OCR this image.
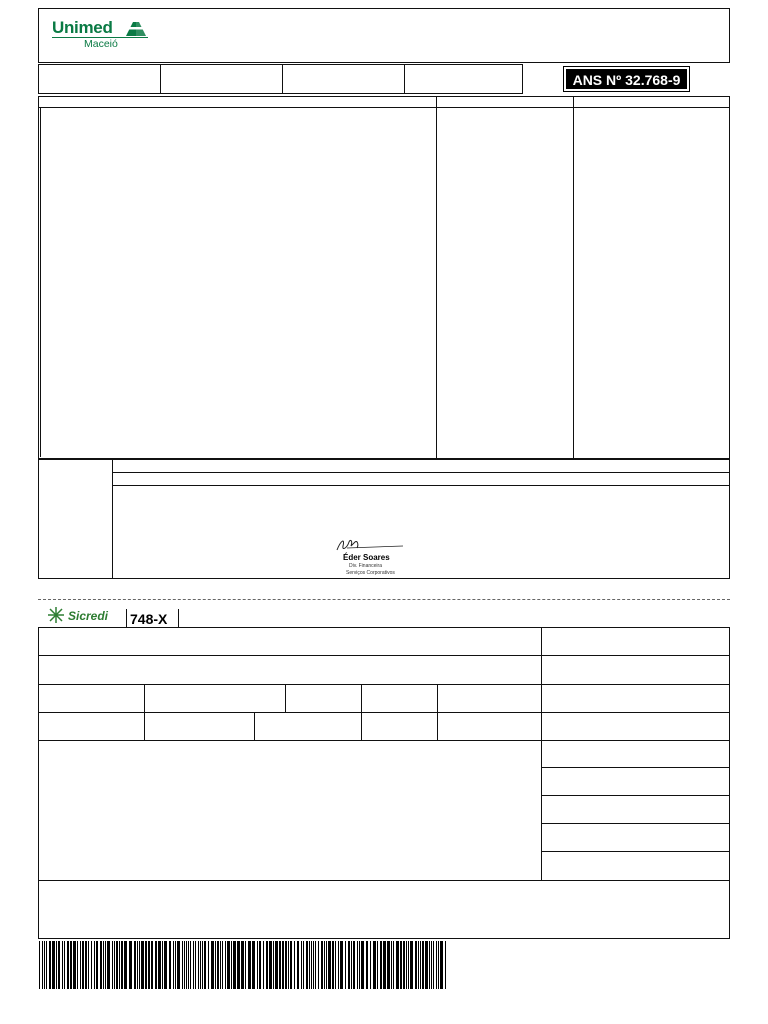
Unimed
Maceió
ANS Nº 32.768-9
Éder Soares
Div. Financeira
Serviços Corporativos
Sicredi 748-X
